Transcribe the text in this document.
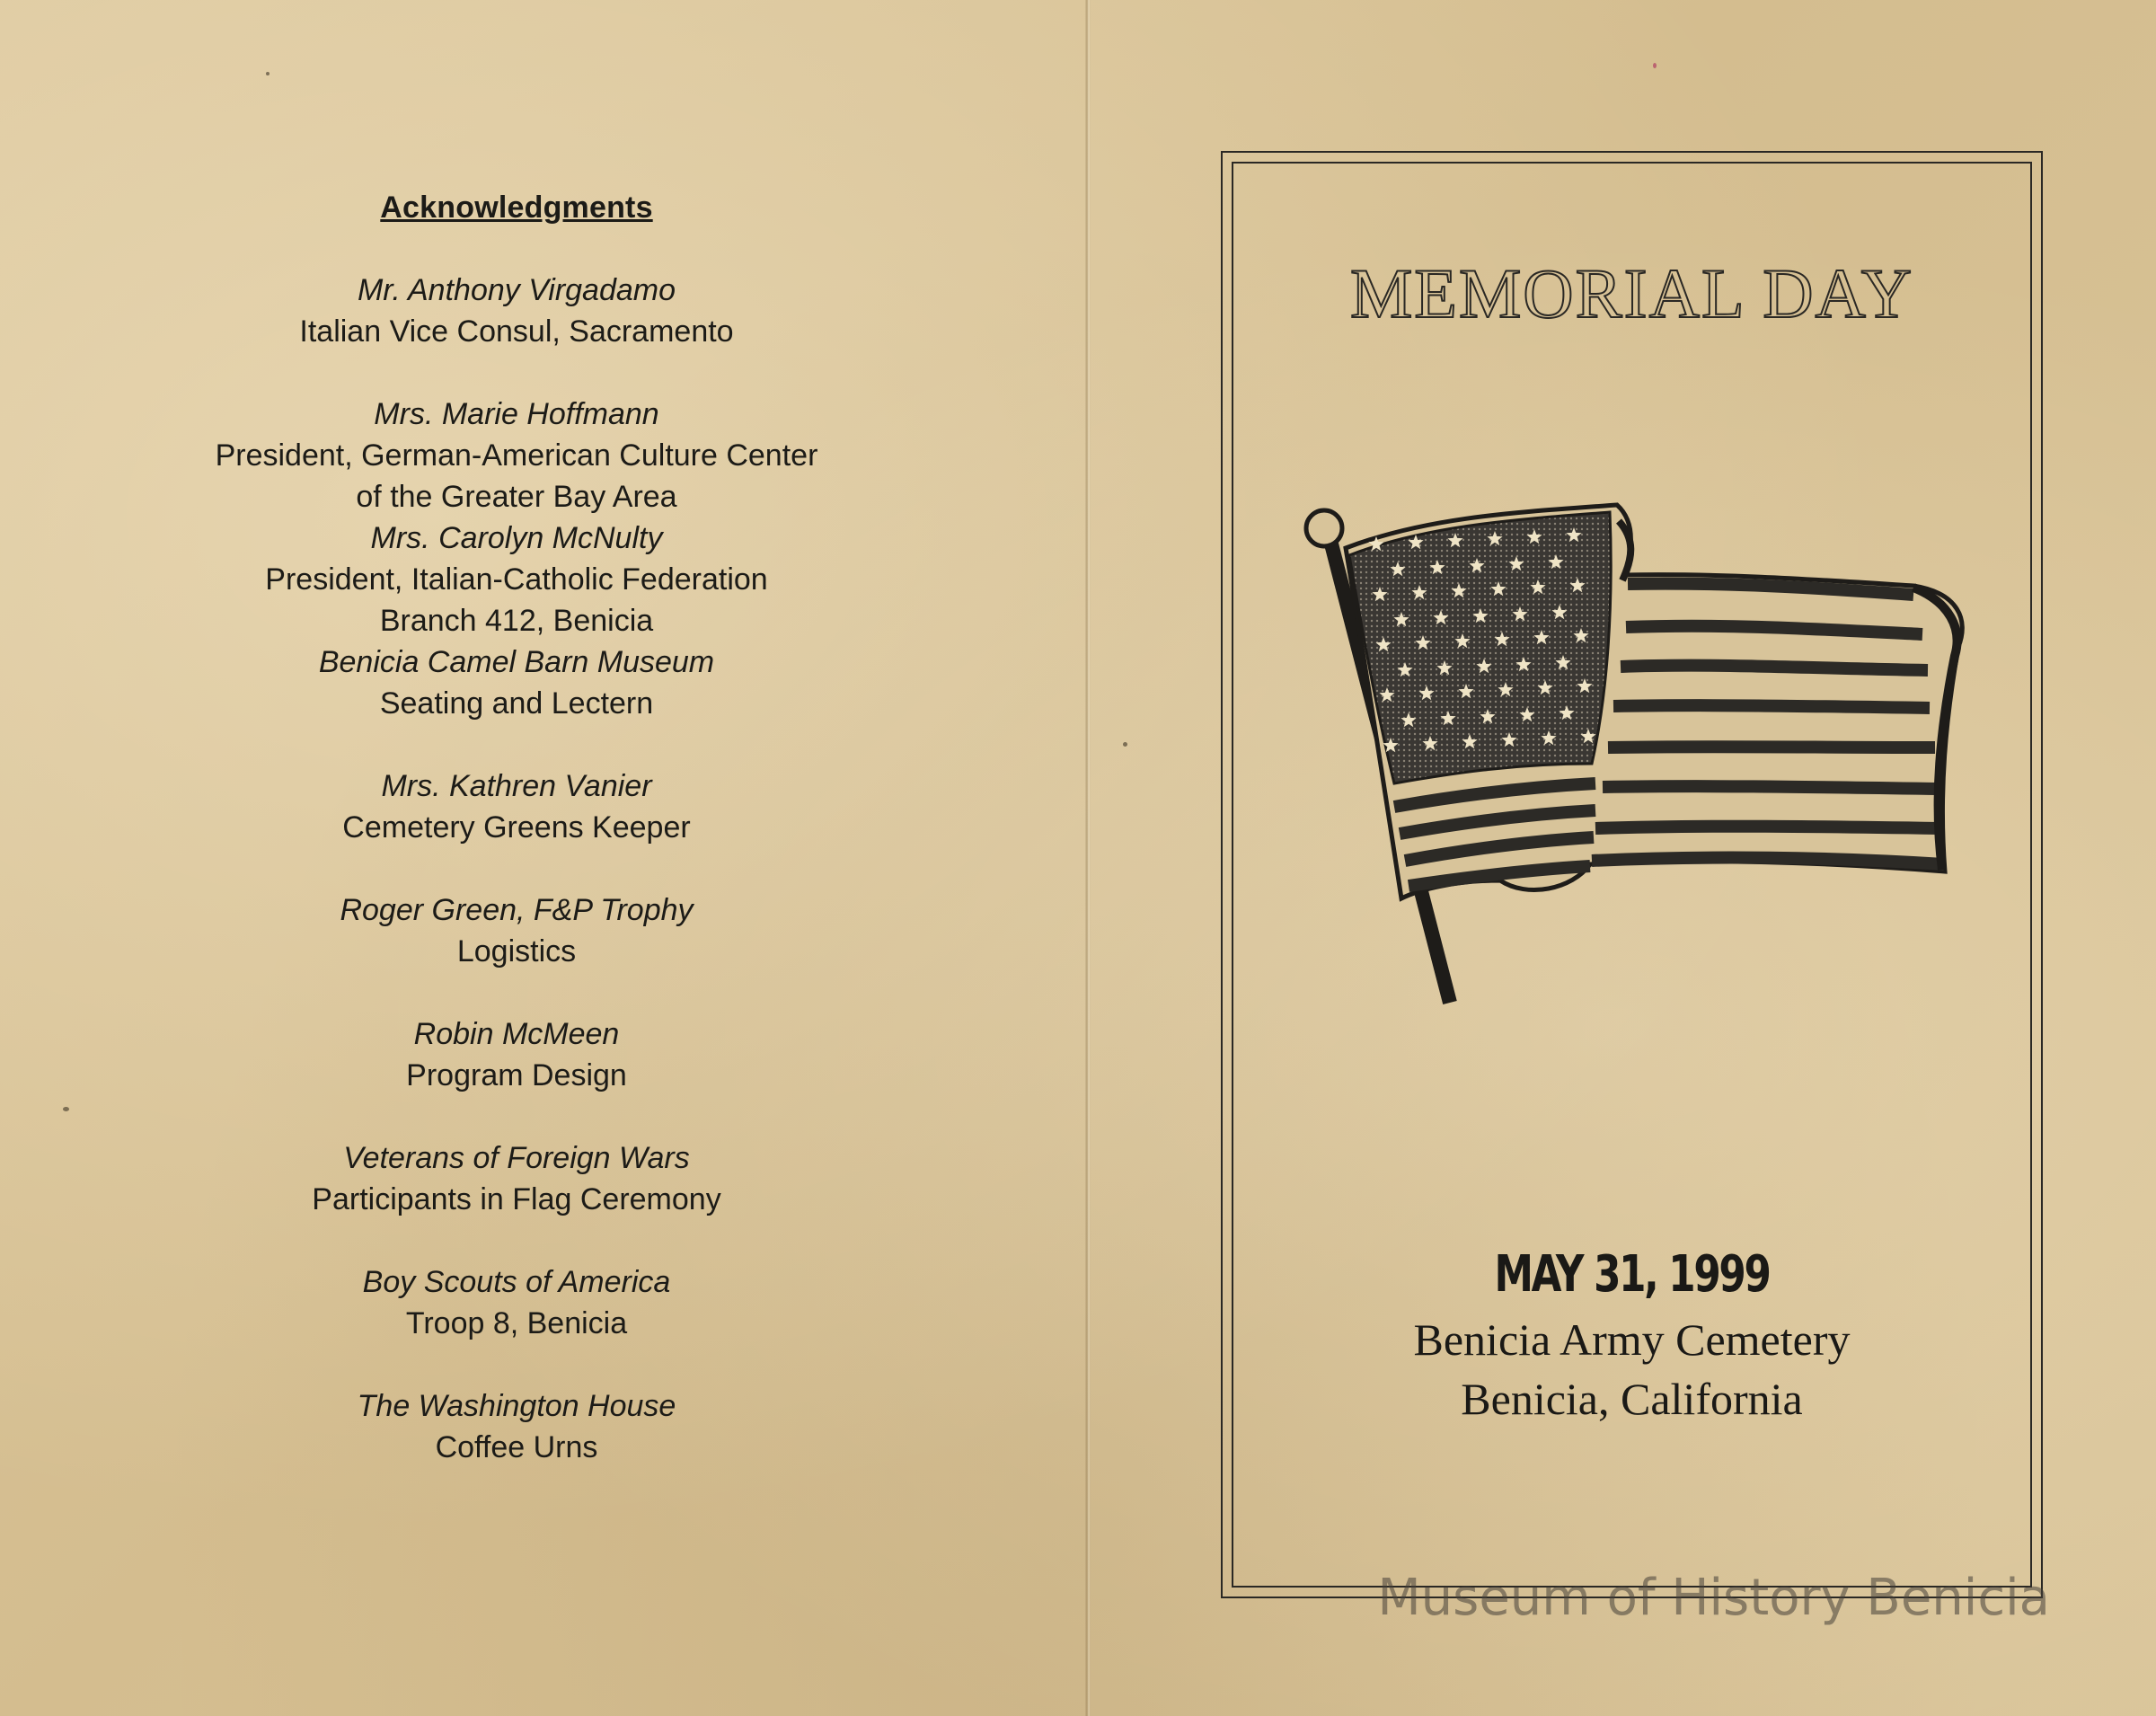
Acknowledgments
Mr. Anthony Virgadamo
Italian Vice Consul, Sacramento
Mrs. Marie Hoffmann
President, German-American Culture Center
of the Greater Bay Area
Mrs. Carolyn McNulty
President, Italian-Catholic Federation
Branch 412, Benicia
Benicia Camel Barn Museum
Seating and Lectern
Mrs. Kathren Vanier
Cemetery Greens Keeper
Roger Green, F&P Trophy
Logistics
Robin McMeen
Program Design
Veterans of Foreign Wars
Participants in Flag Ceremony
Boy Scouts of America
Troop 8, Benicia
The Washington House
Coffee Urns
MEMORIAL DAY
MAY 31, 1999
Benicia Army Cemetery
Benicia, California
Museum of History Benicia
